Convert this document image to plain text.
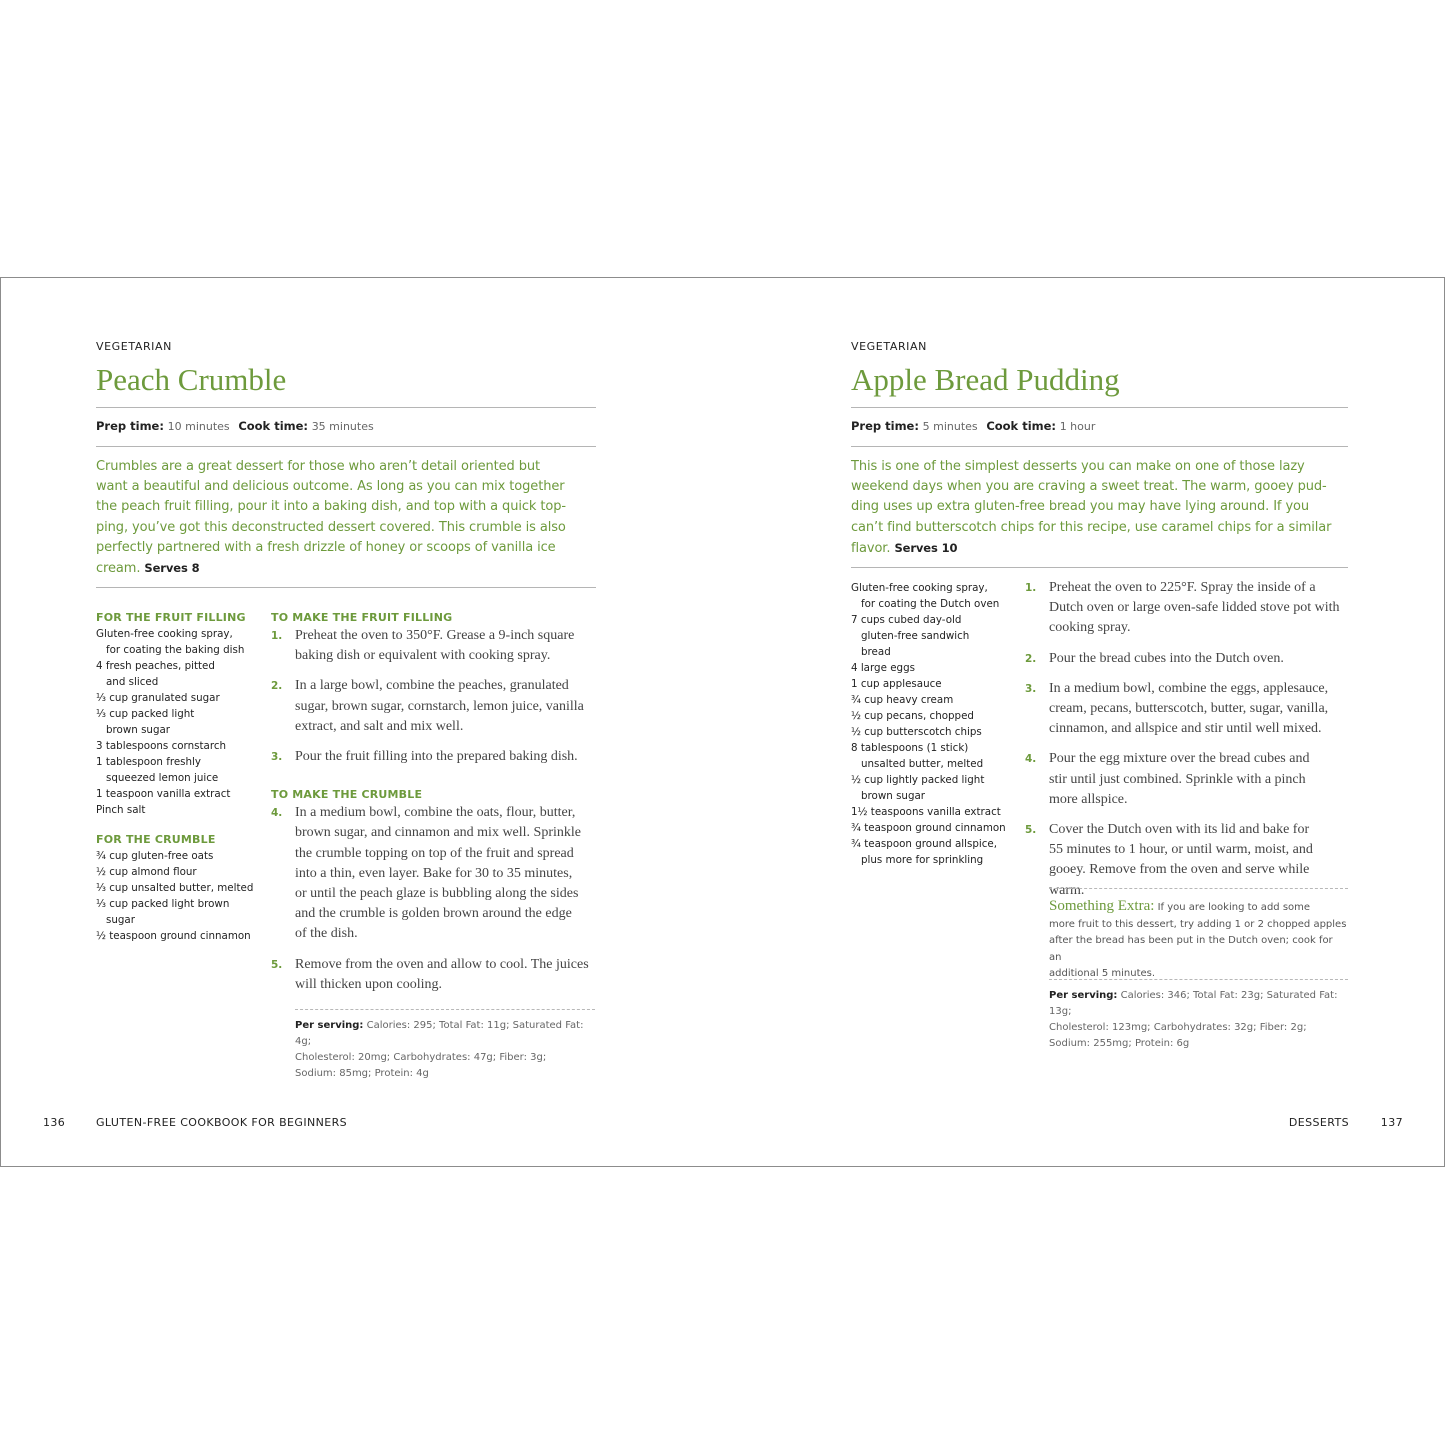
VEGETARIAN
Peach Crumble
Prep time: 10 minutes Cook time: 35 minutes

Crumbles are a great dessert for those who aren’t detail oriented but
want a beautiful and delicious outcome. As long as you can mix together
the peach fruit filling, pour it into a baking dish, and top with a quick top-
ping, you’ve got this deconstructed dessert covered. This crumble is also
perfectly partnered with a fresh drizzle of honey or scoops of vanilla ice
cream. Serves 8

FOR THE FRUIT FILLING
Gluten-free cooking spray,
for coating the baking dish
4 fresh peaches, pitted
and sliced
⅓ cup granulated sugar
⅓ cup packed light
brown sugar
3 tablespoons cornstarch
1 tablespoon freshly
squeezed lemon juice
1 teaspoon vanilla extract
Pinch salt
FOR THE CRUMBLE
¾ cup gluten-free oats
½ cup almond flour
⅓ cup unsalted butter, melted
⅓ cup packed light brown
sugar
½ teaspoon ground cinnamon
TO MAKE THE FRUIT FILLING
1. Preheat the oven to 350°F. Grease a 9-inch square
baking dish or equivalent with cooking spray.
2. In a large bowl, combine the peaches, granulated
sugar, brown sugar, cornstarch, lemon juice, vanilla
extract, and salt and mix well.
3. Pour the fruit filling into the prepared baking dish.
TO MAKE THE CRUMBLE
4. In a medium bowl, combine the oats, flour, butter,
brown sugar, and cinnamon and mix well. Sprinkle
the crumble topping on top of the fruit and spread
into a thin, even layer. Bake for 30 to 35 minutes,
or until the peach glaze is bubbling along the sides
and the crumble is golden brown around the edge
of the dish.
5. Remove from the oven and allow to cool. The juices
will thicken upon cooling.
Per serving: Calories: 295; Total Fat: 11g; Saturated Fat: 4g;
Cholesterol: 20mg; Carbohydrates: 47g; Fiber: 3g;
Sodium: 85mg; Protein: 4g
VEGETARIAN
Apple Bread Pudding
Prep time: 5 minutes Cook time: 1 hour

This is one of the simplest desserts you can make on one of those lazy
weekend days when you are craving a sweet treat. The warm, gooey pud-
ding uses up extra gluten-free bread you may have lying around. If you
can’t find butterscotch chips for this recipe, use caramel chips for a similar
flavor. Serves 10

Gluten-free cooking spray,
for coating the Dutch oven
7 cups cubed day-old
gluten-free sandwich
bread
4 large eggs
1 cup applesauce
¾ cup heavy cream
½ cup pecans, chopped
½ cup butterscotch chips
8 tablespoons (1 stick)
unsalted butter, melted
½ cup lightly packed light
brown sugar
1½ teaspoons vanilla extract
¾ teaspoon ground cinnamon
¾ teaspoon ground allspice,
plus more for sprinkling
1. Preheat the oven to 225°F. Spray the inside of a
Dutch oven or large oven-safe lidded stove pot with
cooking spray.
2. Pour the bread cubes into the Dutch oven.
3. In a medium bowl, combine the eggs, applesauce,
cream, pecans, butterscotch, butter, sugar, vanilla,
cinnamon, and allspice and stir until well mixed.
4. Pour the egg mixture over the bread cubes and
stir until just combined. Sprinkle with a pinch
more allspice.
5. Cover the Dutch oven with its lid and bake for
55 minutes to 1 hour, or until warm, moist, and
gooey. Remove from the oven and serve while warm.
Something Extra: If you are looking to add some
more fruit to this dessert, try adding 1 or 2 chopped apples
after the bread has been put in the Dutch oven; cook for an
additional 5 minutes.
Per serving: Calories: 346; Total Fat: 23g; Saturated Fat: 13g;
Cholesterol: 123mg; Carbohydrates: 32g; Fiber: 2g;
Sodium: 255mg; Protein: 6g
136	GLUTEN-FREE COOKBOOK FOR BEGINNERS	DESSERTS	137
